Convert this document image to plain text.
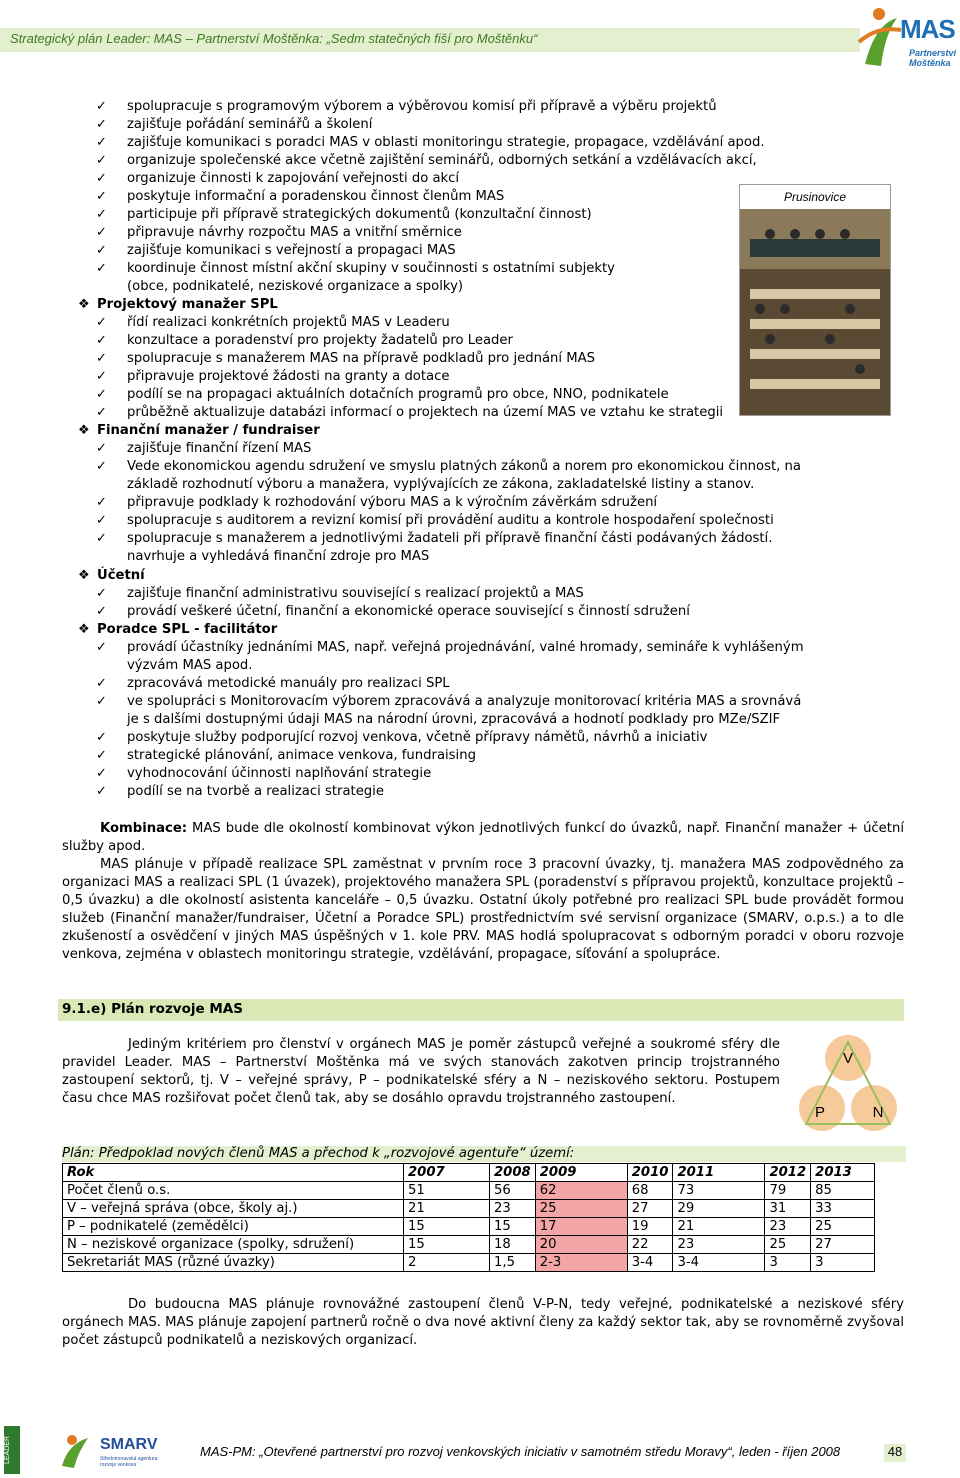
Strategický plán Leader: MAS – Partnerství Moštěnka: „Sedm statečných fiší pro Moštěnku“	MAS
Partnerství
Moštěnka
✓ spolupracuje s programovým výborem a výběrovou komisí při přípravě a výběru projektů
✓ zajišťuje pořádání seminářů a školení
✓ zajišťuje komunikaci s poradci MAS v oblasti monitoringu strategie, propagace, vzdělávání apod.
✓ organizuje společenské akce včetně zajištění seminářů, odborných setkání a vzdělávacích akcí,
✓ organizuje činnosti k zapojování veřejnosti do akcí
✓ poskytuje informační a poradenskou činnost členům MAS
✓ participuje při přípravě strategických dokumentů (konzultační činnost)
✓ připravuje návrhy rozpočtu MAS a vnitřní směrnice
✓ zajišťuje komunikaci s veřejností a propagaci MAS
✓ koordinuje činnost místní akční skupiny v součinnosti s ostatními subjekty
(obce, podnikatelé, neziskové organizace a spolky)
Prusinovice
❖ Projektový manažer SPL
✓ řídí realizaci konkrétních projektů MAS v Leaderu
✓ konzultace a poradenství pro projekty žadatelů pro Leader
✓ spolupracuje s manažerem MAS na přípravě podkladů pro jednání MAS
✓ připravuje projektové žádosti na granty a dotace
✓ podílí se na propagaci aktuálních dotačních programů pro obce, NNO, podnikatele
✓ průběžně aktualizuje databázi informací o projektech na území MAS ve vztahu ke strategii
❖ Finanční manažer / fundraiser
✓ zajišťuje finanční řízení MAS
✓ Vede ekonomickou agendu sdružení ve smyslu platných zákonů a norem pro ekonomickou činnost, na
✓ připravuje podklady k rozhodování výboru MAS a k výročním závěrkám sdružení
✓ spolupracuje s auditorem a revizní komisí při provádění auditu a kontrole hospodaření společnosti
✓ spolupracuje s manažerem a jednotlivými žadateli při přípravě finanční části podávaných žádostí.
základě rozhodnutí výboru a manažera, vyplývajících ze zákona, zakladatelské listiny a stanov.
navrhuje a vyhledává finanční zdroje pro MAS
❖ Účetní
✓ zajišťuje finanční administrativu související s realizací projektů a MAS
✓ provádí veškeré účetní, finanční a ekonomické operace související s činností sdružení
❖ Poradce SPL - facilitátor
✓ provádí účastníky jednáními MAS, např. veřejná projednávání, valné hromady, semináře k vyhlášeným
✓ zpracovává metodické manuály pro realizaci SPL
✓ ve spolupráci s Monitorovacím výborem zpracovává a analyzuje monitorovací kritéria MAS a srovnává
✓ poskytuje služby podporující rozvoj venkova, včetně přípravy námětů, návrhů a iniciativ
✓ strategické plánování, animace venkova, fundraising
✓ vyhodnocování účinnosti naplňování strategie
✓ podílí se na tvorbě a realizaci strategie
výzvám MAS apod.
je s dalšími dostupnými údaji MAS na národní úrovni, zpracovává a hodnotí podklady pro MZe/SZIF
Kombinace: MAS bude dle okolností kombinovat výkon jednotlivých funkcí do úvazků, např. Finanční manažer + účetní služby apod.
MAS plánuje v případě realizace SPL zaměstnat v prvním roce 3 pracovní úvazky, tj. manažera MAS zodpovědného za organizaci MAS a realizaci SPL (1 úvazek), projektového manažera SPL (poradenství s přípravou projektů, konzultace projektů – 0,5 úvazku) a dle okolností asistenta kanceláře – 0,5 úvazku. Ostatní úkoly potřebné pro realizaci SPL bude provádět formou služeb (Finanční manažer/fundraiser, Účetní a Poradce SPL) prostřednictvím své servisní organizace (SMARV, o.p.s.) a to dle zkušeností a osvědčení v jiných MAS úspěšných v 1. kole PRV. MAS hodlá spolupracovat s odborným poradci v oboru rozvoje venkova, zejména v oblastech monitoringu strategie, vzdělávání, propagace, síťování a spolupráce.
9.1.e) Plán rozvoje MAS
Jediným kritériem pro členství v orgánech MAS je poměr zástupců veřejné a soukromé sféry dle pravidel Leader. MAS – Partnerství Moštěnka má ve svých stanovách zakotven princip trojstranného zastoupení sektorů, tj. V – veřejné správy, P – podnikatelské sféry a N – neziskového sektoru. Postupem času chce MAS rozšiřovat počet členů tak, aby se dosáhlo opravdu trojstranného zastoupení.
V
P	N
Plán: Předpoklad nových členů MAS a přechod k „rozvojové agentuře“ území:
Rok	2007	2008	2009	2010	2011	2012	2013
Počet členů o.s.	51	56	62	68	73	79	85
V – veřejná správa (obce, školy aj.)	21	23	25	27	29	31	33
P – podnikatelé (zemědělci)	15	15	17	19	21	23	25
N – neziskové organizace (spolky, sdružení)	15	18	20	22	23	25	27
Sekretariát MAS (různé úvazky)	2	1,5	2-3	3-4	3-4	3	3
Do budoucna MAS plánuje rovnovážné zastoupení členů V-P-N, tedy veřejné, podnikatelské a neziskové sféry orgánech MAS. MAS plánuje zapojení partnerů ročně o dva nové aktivní členy za každý sektor tak, aby se rovnoměrně zvyšoval počet zástupců podnikatelů a neziskových organizací.
LEADER	SMARV
Středomoravská agentura rozvoje venkova
MAS-PM: „Otevřené partnerství pro rozvoj venkovských iniciativ v samotném středu Moravy“, leden - říjen 2008	48
